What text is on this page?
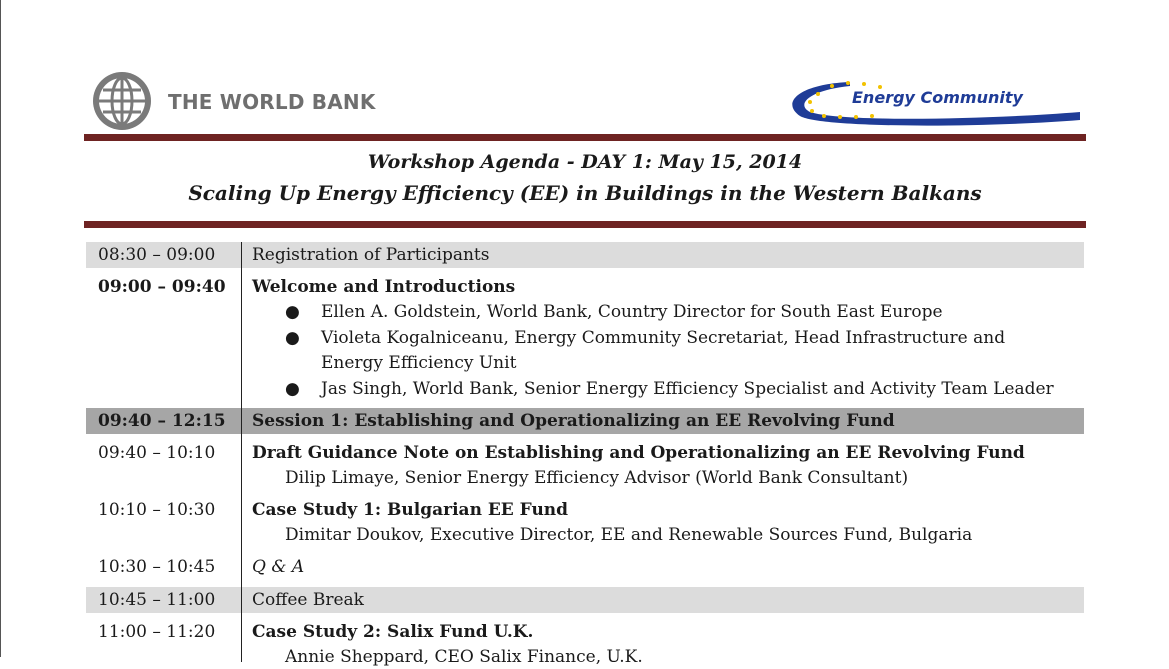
THE WORLD BANK	Energy Community
Workshop Agenda - DAY 1: May 15, 2014
Scaling Up Energy Efficiency (EE) in Buildings in the Western Balkans
08:30 – 09:00 Registration of Participants
09:00 – 09:40 Welcome and Introductions
● Ellen A. Goldstein, World Bank, Country Director for South East Europe
● Violeta Kogalniceanu, Energy Community Secretariat, Head Infrastructure and
Energy Efficiency Unit
● Jas Singh, World Bank, Senior Energy Efficiency Specialist and Activity Team Leader
09:40 – 12:15 Session 1: Establishing and Operationalizing an EE Revolving Fund
09:40 – 10:10 Draft Guidance Note on Establishing and Operationalizing an EE Revolving Fund
Dilip Limaye, Senior Energy Efficiency Advisor (World Bank Consultant)
10:10 – 10:30 Case Study 1: Bulgarian EE Fund
Dimitar Doukov, Executive Director, EE and Renewable Sources Fund, Bulgaria
10:30 – 10:45 Q & A
10:45 – 11:00 Coffee Break
11:00 – 11:20 Case Study 2: Salix Fund U.K.
Annie Sheppard, CEO Salix Finance, U.K.
